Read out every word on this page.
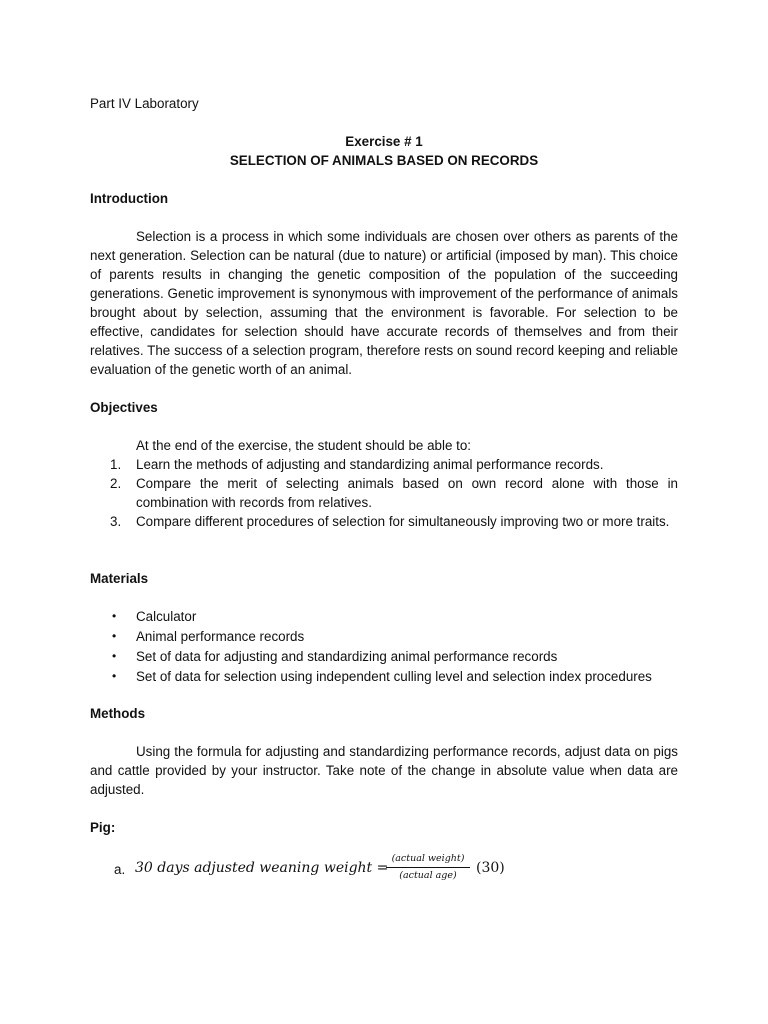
Part IV Laboratory
Exercise # 1
SELECTION OF ANIMALS BASED ON RECORDS
Introduction
Selection is a process in which some individuals are chosen over others as parents of the next generation. Selection can be natural (due to nature) or artificial (imposed by man). This choice of parents results in changing the genetic composition of the population of the succeeding generations. Genetic improvement is synonymous with improvement of the performance of animals brought about by selection, assuming that the environment is favorable. For selection to be effective, candidates for selection should have accurate records of themselves and from their relatives. The success of a selection program, therefore rests on sound record keeping and reliable evaluation of the genetic worth of an animal.
Objectives
At the end of the exercise, the student should be able to:
1. Learn the methods of adjusting and standardizing animal performance records.
2. Compare the merit of selecting animals based on own record alone with those in combination with records from relatives.
3. Compare different procedures of selection for simultaneously improving two or more traits.
Materials
• Calculator
• Animal performance records
• Set of data for adjusting and standardizing animal performance records
• Set of data for selection using independent culling level and selection index procedures
Methods
Using the formula for adjusting and standardizing performance records, adjust data on pigs and cattle provided by your instructor. Take note of the change in absolute value when data are adjusted.
Pig:
a. 30 days adjusted weaning weight =
(actual weight)
(actual age)	(30)
